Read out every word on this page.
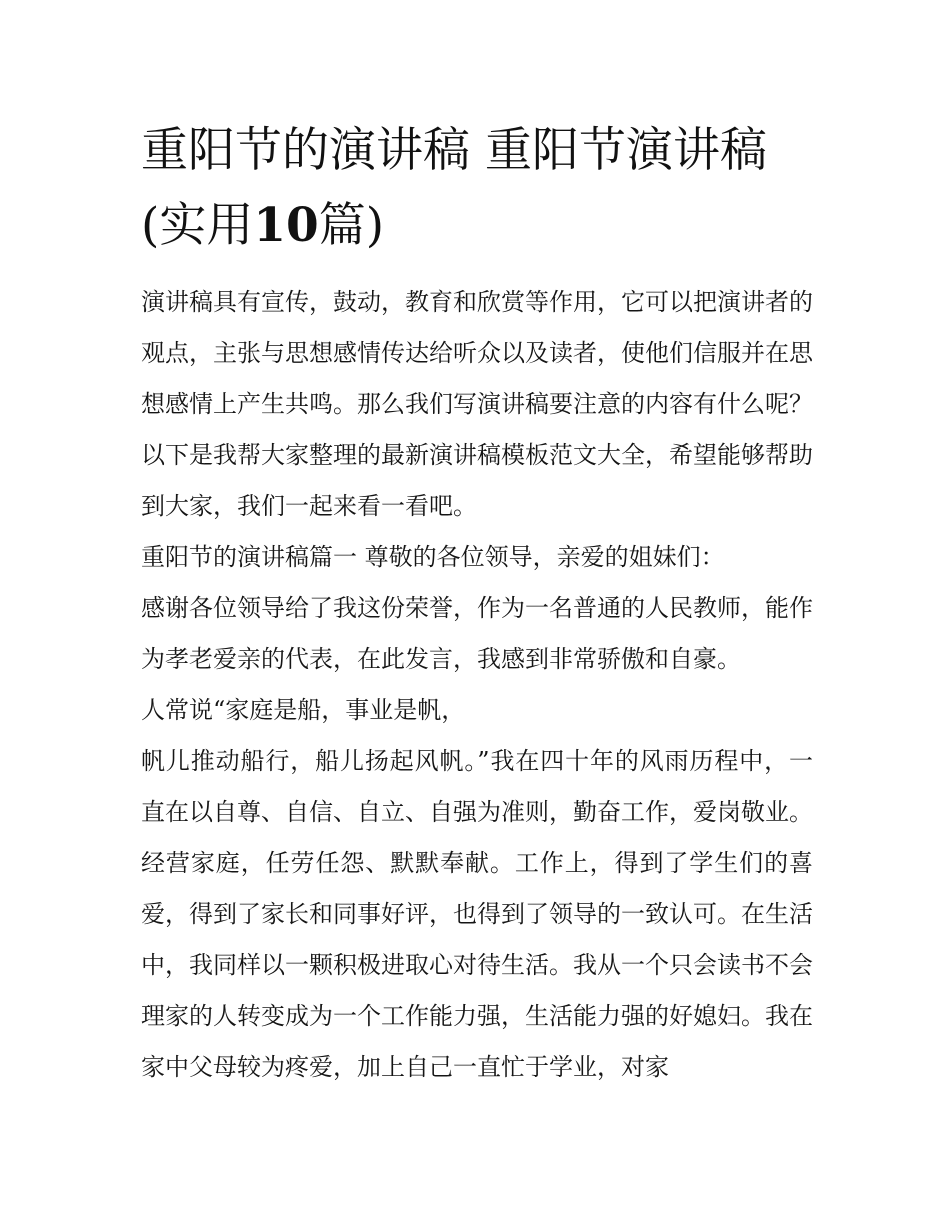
重阳节的演讲稿 重阳节演讲稿
(实用10篇)

演讲稿具有宣传，鼓动，教育和欣赏等作用，它可以把演讲者的观点，主张与思想感情传达给听众以及读者，使他们信服并在思想感情上产生共鸣。那么我们写演讲稿要注意的内容有什么呢？以下是我帮大家整理的最新演讲稿模板范文大全，希望能够帮助到大家，我们一起来看一看吧。

重阳节的演讲稿篇一 尊敬的各位领导，亲爱的姐妹们：

感谢各位领导给了我这份荣誉，作为一名普通的人民教师，能作为孝老爱亲的代表，在此发言，我感到非常骄傲和自豪。

人常说“家庭是船，事业是帆，

帆儿推动船行，船儿扬起风帆。”我在四十年的风雨历程中，一直在以自尊、自信、自立、自强为准则，勤奋工作，爱岗敬业。经营家庭，任劳任怨、默默奉献。工作上，得到了学生们的喜爱，得到了家长和同事好评，也得到了领导的一致认可。在生活中，我同样以一颗积极进取心对待生活。我从一个只会读书不会理家的人转变成为一个工作能力强，生活能力强的好媳妇。我在家中父母较为疼爱，加上自己一直忙于学业，对家
